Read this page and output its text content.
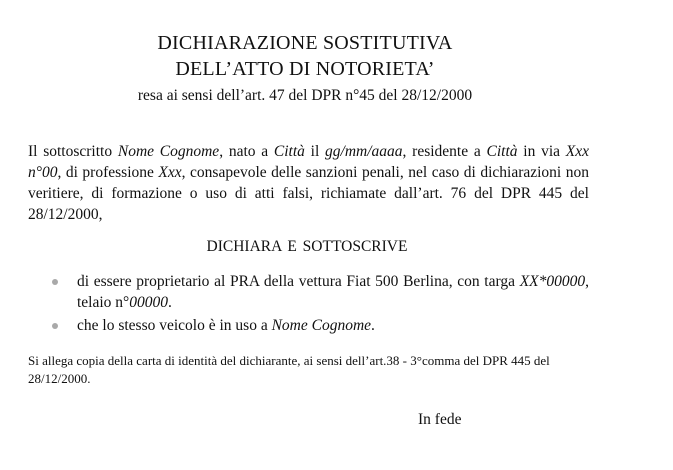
DICHIARAZIONE SOSTITUTIVA
DELL’ATTO DI NOTORIETA’
resa ai sensi dell’art. 47 del DPR n°45 del 28/12/2000

Il sottoscritto Nome Cognome, nato a Città il gg/mm/aaaa, residente a Città in via Xxx n°00, di professione Xxx, consapevole delle sanzioni penali, nel caso di dichiarazioni non veritiere, di formazione o uso di atti falsi, richiamate dall’art. 76 del DPR 445 del 28/12/2000,

DICHIARA E SOTTOSCRIVE
di essere proprietario al PRA della vettura Fiat 500 Berlina, con targa XX*00000, telaio n°00000.
che lo stesso veicolo è in uso a Nome Cognome.

Si allega copia della carta di identità del dichiarante, ai sensi dell’art.38 - 3°comma del DPR 445 del 28/12/2000.

In fede
